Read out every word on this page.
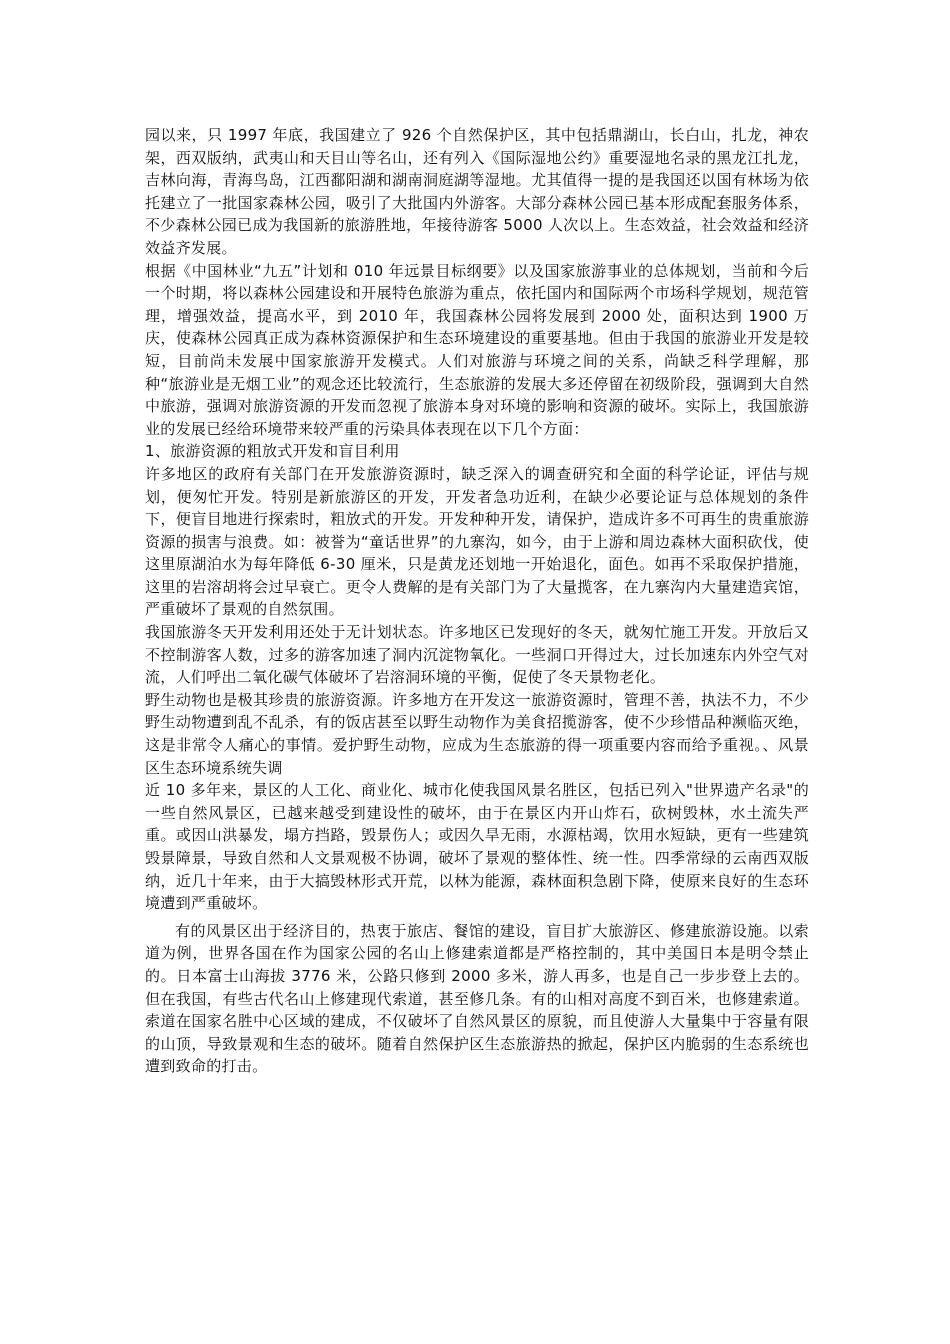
园以来，只 1997 年底，我国建立了 926 个自然保护区，其中包括鼎湖山，长白山，扎龙，神农架，西双版纳，武夷山和天目山等名山，还有列入《国际湿地公约》重要湿地名录的黑龙江扎龙，吉林向海，青海鸟岛，江西鄱阳湖和湖南洞庭湖等湿地。尤其值得一提的是我国还以国有林场为依托建立了一批国家森林公园，吸引了大批国内外游客。大部分森林公园已基本形成配套服务体系，不少森林公园已成为我国新的旅游胜地，年接待游客 5000 人次以上。生态效益，社会效益和经济效益齐发展。

根据《中国林业“九五”计划和 010 年远景目标纲要》以及国家旅游事业的总体规划，当前和今后一个时期，将以森林公园建设和开展特色旅游为重点，依托国内和国际两个市场科学规划，规范管理，增强效益，提高水平，到 2010 年，我国森林公园将发展到 2000 处，面积达到 1900 万庆，使森林公园真正成为森林资源保护和生态环境建设的重要基地。但由于我国的旅游业开发是较短，目前尚未发展中国家旅游开发模式。人们对旅游与环境之间的关系，尚缺乏科学理解，那种“旅游业是无烟工业”的观念还比较流行，生态旅游的发展大多还停留在初级阶段，强调到大自然中旅游，强调对旅游资源的开发而忽视了旅游本身对环境的影响和资源的破坏。实际上，我国旅游业的发展已经给环境带来较严重的污染具体表现在以下几个方面：

1、旅游资源的粗放式开发和盲目利用

许多地区的政府有关部门在开发旅游资源时，缺乏深入的调查研究和全面的科学论证，评估与规划，便匆忙开发。特别是新旅游区的开发，开发者急功近利，在缺少必要论证与总体规划的条件下，便盲目地进行探索时，粗放式的开发。开发种种开发，请保护，造成许多不可再生的贵重旅游资源的损害与浪费。如：被誉为“童话世界”的九寨沟，如今，由于上游和周边森林大面积砍伐，使这里原湖泊水为每年降低 6-30 厘米，只是黄龙还划地一开始退化，面色。如再不采取保护措施，这里的岩溶胡将会过早衰亡。更令人费解的是有关部门为了大量揽客，在九寨沟内大量建造宾馆，严重破坏了景观的自然氛围。

我国旅游冬天开发利用还处于无计划状态。许多地区已发现好的冬天，就匆忙施工开发。开放后又不控制游客人数，过多的游客加速了洞内沉淀物氧化。一些洞口开得过大，过长加速东内外空气对流，人们呼出二氧化碳气体破坏了岩溶洞环境的平衡，促使了冬天景物老化。

野生动物也是极其珍贵的旅游资源。许多地方在开发这一旅游资源时，管理不善，执法不力，不少野生动物遭到乱不乱杀，有的饭店甚至以野生动物作为美食招揽游客，使不少珍惜品种濒临灭绝，这是非常令人痛心的事情。爱护野生动物，应成为生态旅游的得一项重要内容而给予重视。、风景区生态环境系统失调

近 10 多年来，景区的人工化、商业化、城市化使我国风景名胜区，包括已列入"世界遗产名录"的一些自然风景区，已越来越受到建设性的破坏，由于在景区内开山炸石，砍树毁林，水土流失严重。或因山洪暴发，塌方挡路，毁景伤人；或因久旱无雨，水源枯竭，饮用水短缺，更有一些建筑毁景障景，导致自然和人文景观极不协调，破坏了景观的整体性、统一性。四季常绿的云南西双版纳，近几十年来，由于大搞毁林形式开荒，以林为能源，森林面积急剧下降，使原来良好的生态环境遭到严重破坏。

有的风景区出于经济目的，热衷于旅店、餐馆的建设，盲目扩大旅游区、修建旅游设施。以索道为例，世界各国在作为国家公园的名山上修建索道都是严格控制的，其中美国日本是明令禁止的。日本富士山海拔 3776 米，公路只修到 2000 多米，游人再多，也是自己一步步登上去的。但在我国，有些古代名山上修建现代索道，甚至修几条。有的山相对高度不到百米，也修建索道。索道在国家名胜中心区域的建成，不仅破坏了自然风景区的原貌，而且使游人大量集中于容量有限的山顶，导致景观和生态的破坏。随着自然保护区生态旅游热的掀起，保护区内脆弱的生态系统也遭到致命的打击。
